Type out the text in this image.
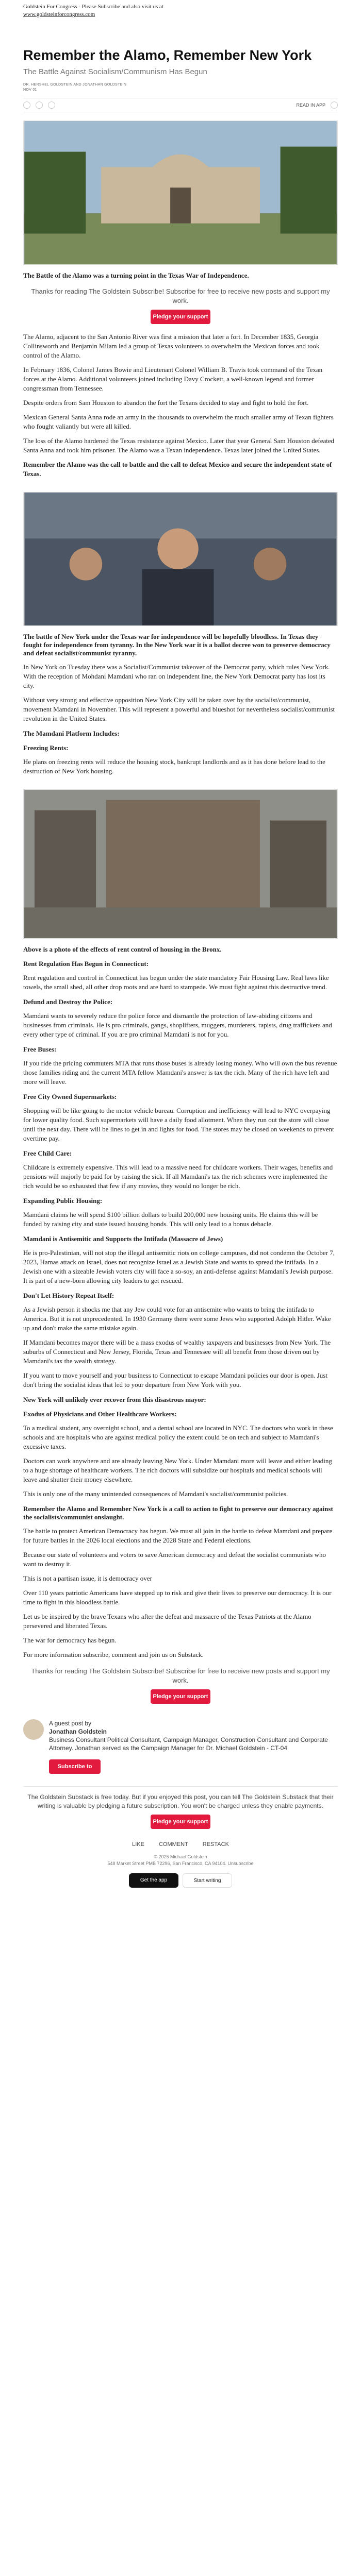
Goldstein For Congress - Please Subscribe and also visit us at
www.goldsteinforcongress.com
Remember the Alamo, Remember New York
The Battle Against Socialism/Communism Has Begun
DR. HERSHEL GOLDSTEIN AND JONATHAN GOLDSTEIN
NOV 01
READ IN APP
The Battle of the Alamo was a turning point in the Texas War of Independence.
Thanks for reading The Goldstein Subscribe! Subscribe for free to receive new posts and support my work.
Pledge your support

The Alamo, adjacent to the San Antonio River was first a mission that later a fort. In December 1835, Georgia Collinsworth and Benjamin Milam led a group of Texas volunteers to overwhelm the Mexican forces and took control of the Alamo.

In February 1836, Colonel James Bowie and Lieutenant Colonel William B. Travis took command of the Texan forces at the Alamo. Additional volunteers joined including Davy Crockett, a well-known legend and former congressman from Tennessee.

Despite orders from Sam Houston to abandon the fort the Texans decided to stay and fight to hold the fort.

Mexican General Santa Anna rode an army in the thousands to overwhelm the much smaller army of Texan fighters who fought valiantly but were all killed.

The loss of the Alamo hardened the Texas resistance against Mexico. Later that year General Sam Houston defeated Santa Anna and took him prisoner. The Alamo was a Texan independence. Texas later joined the United States.

Remember the Alamo was the call to battle and the call to defeat Mexico and secure the independent state of Texas.

The battle of New York under the Texas war for independence will be hopefully bloodless. In Texas they fought for independence from tyranny. In the New York war it is a ballot decree won to preserve democracy and defeat socialist/communist tyranny.

In New York on Tuesday there was a Socialist/Communist takeover of the Democrat party, which rules New York. With the reception of Mohdani Mamdani who ran on independent line, the New York Democrat party has lost its city.

Without very strong and effective opposition New York City will be taken over by the socialist/communist, movement Mamdani in November. This will represent a powerful and blueshot for nevertheless socialist/communist revolution in the United States.

The Mamdani Platform Includes:
Freezing Rents:

He plans on freezing rents will reduce the housing stock, bankrupt landlords and as it has done before lead to the destruction of New York housing.

Above is a photo of the effects of rent control of housing in the Bronx.
Rent Regulation Has Begun in Connecticut:

Rent regulation and control in Connecticut has begun under the state mandatory Fair Housing Law. Real laws like towels, the small shed, all other drop roots and are hard to stampede. We must fight against this destructive trend.

Defund and Destroy the Police:

Mamdani wants to severely reduce the police force and dismantle the protection of law-abiding citizens and businesses from criminals. He is pro criminals, gangs, shoplifters, muggers, murderers, rapists, drug traffickers and every other type of criminal. If you are pro criminal Mamdani is not for you.

Free Buses:

If you ride the pricing commuters MTA that runs those buses is already losing money. Who will own the bus revenue those families riding and the current MTA fellow Mamdani's answer is tax the rich. Many of the rich have left and more will leave.

Free City Owned Supermarkets:

Shopping will be like going to the motor vehicle bureau. Corruption and inefficiency will lead to NYC overpaying for lower quality food. Such supermarkets will have a daily food allotment. When they run out the store will close until the next day. There will be lines to get in and lights for food. The stores may be closed on weekends to prevent overtime pay.

Free Child Care:

Childcare is extremely expensive. This will lead to a massive need for childcare workers. Their wages, benefits and pensions will majorly be paid for by raising the sick. If all Mamdani's tax the rich schemes were implemented the rich would be so exhausted that few if any movies, they would no longer be rich.

Expanding Public Housing:

Mamdani claims he will spend $100 billion dollars to build 200,000 new housing units. He claims this will be funded by raising city and state issued housing bonds. This will only lead to a bonus debacle.

Mamdani is Antisemitic and Supports the Intifada (Massacre of Jews)

He is pro-Palestinian, will not stop the illegal antisemitic riots on college campuses, did not condemn the October 7, 2023, Hamas attack on Israel, does not recognize Israel as a Jewish State and wants to spread the intifada. In a Jewish one with a sizeable Jewish voters city will face a so-soy, an anti-defense against Mamdani's Jewish purpose. It is part of a new-born allowing city leaders to get rescued.

Don't Let History Repeat Itself:

As a Jewish person it shocks me that any Jew could vote for an antisemite who wants to bring the intifada to America. But it is not unprecedented. In 1930 Germany there were some Jews who supported Adolph Hitler. Wake up and don't make the same mistake again.

If Mamdani becomes mayor there will be a mass exodus of wealthy taxpayers and businesses from New York. The suburbs of Connecticut and New Jersey, Florida, Texas and Tennessee will all benefit from those driven out by Mamdani's tax the wealth strategy.

If you want to move yourself and your business to Connecticut to escape Mamdani policies our door is open. Just don't bring the socialist ideas that led to your departure from New York with you.

New York will unlikely ever recover from this disastrous mayor:
Exodus of Physicians and Other Healthcare Workers:

To a medical student, any overnight school, and a dental school are located in NYC. The doctors who work in these schools and are hospitals who are against medical policy the extent could be on tech and subject to Mamdani's excessive taxes.

Doctors can work anywhere and are already leaving New York. Under Mamdani more will leave and either leading to a huge shortage of healthcare workers. The rich doctors will subsidize our hospitals and medical schools will leave and shutter their money elsewhere.

This is only one of the many unintended consequences of Mamdani's socialist/communist policies.

Remember the Alamo and Remember New York is a call to action to fight to preserve our democracy against the socialists/communist onslaught.

The battle to protect American Democracy has begun. We must all join in the battle to defeat Mamdani and prepare for future battles in the 2026 local elections and the 2028 State and Federal elections.

Because our state of volunteers and voters to save American democracy and defeat the socialist communists who want to destroy it.

This is not a partisan issue, it is democracy over

Over 110 years patriotic Americans have stepped up to risk and give their lives to preserve our democracy. It is our time to fight in this bloodless battle.

Let us be inspired by the brave Texans who after the defeat and massacre of the Texas Patriots at the Alamo persevered and liberated Texas.

The war for democracy has begun.

For more information subscribe, comment and join us on Substack.

Thanks for reading The Goldstein Subscribe! Subscribe for free to receive new posts and support my work.
Pledge your support
A guest post by
Jonathan Goldstein
Business Consultant Political Consultant, Campaign Manager, Construction Consultant and Corporate Attorney. Jonathan served as the Campaign Manager for Dr. Michael Goldstein - CT-04
Subscribe to Jonathan
The Goldstein Substack is free today. But if you enjoyed this post, you can tell The Goldstein Substack that their writing is valuable by pledging a future subscription. You won't be charged unless they enable payments.
Pledge your support
LIKE	COMMENT	RESTACK
© 2025 Michael Goldstein
548 Market Street PMB 72296, San Francisco, CA 94104. Unsubscribe
Get the app	Start writing
